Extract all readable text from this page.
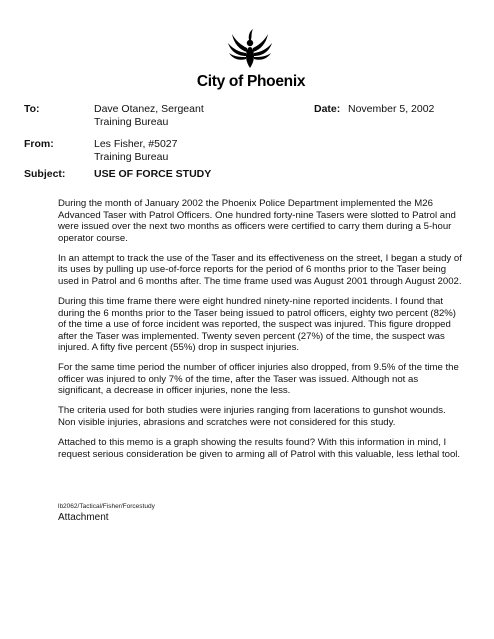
City of Phoenix
To:	Dave Otanez, Sergeant
Training Bureau
Date: November 5, 2002
From:	Les Fisher, #5027
Training Bureau
Subject:	USE OF FORCE STUDY

During the month of January 2002 the Phoenix Police Department implemented the M26 Advanced Taser with Patrol Officers. One hundred forty-nine Tasers were slotted to Patrol and were issued over the next two months as officers were certified to carry them during a 5-hour operator course.

In an attempt to track the use of the Taser and its effectiveness on the street, I began a study of its uses by pulling up use-of-force reports for the period of 6 months prior to the Taser being used in Patrol and 6 months after. The time frame used was August 2001 through August 2002.

During this time frame there were eight hundred ninety-nine reported incidents. I found that during the 6 months prior to the Taser being issued to patrol officers, eighty two percent (82%) of the time a use of force incident was reported, the suspect was injured. This figure dropped after the Taser was implemented. Twenty seven percent (27%) of the time, the suspect was injured. A fifty five percent (55%) drop in suspect injuries.

For the same time period the number of officer injuries also dropped, from 9.5% of the time the officer was injured to only 7% of the time, after the Taser was issued. Although not as significant, a decrease in officer injuries, none the less.

The criteria used for both studies were injuries ranging from lacerations to gunshot wounds. Non visible injuries, abrasions and scratches were not considered for this study.

Attached to this memo is a graph showing the results found? With this information in mind, I request serious consideration be given to arming all of Patrol with this valuable, less lethal tool.

lb2062/Tactical/Fisher/Forcestudy
Attachment
